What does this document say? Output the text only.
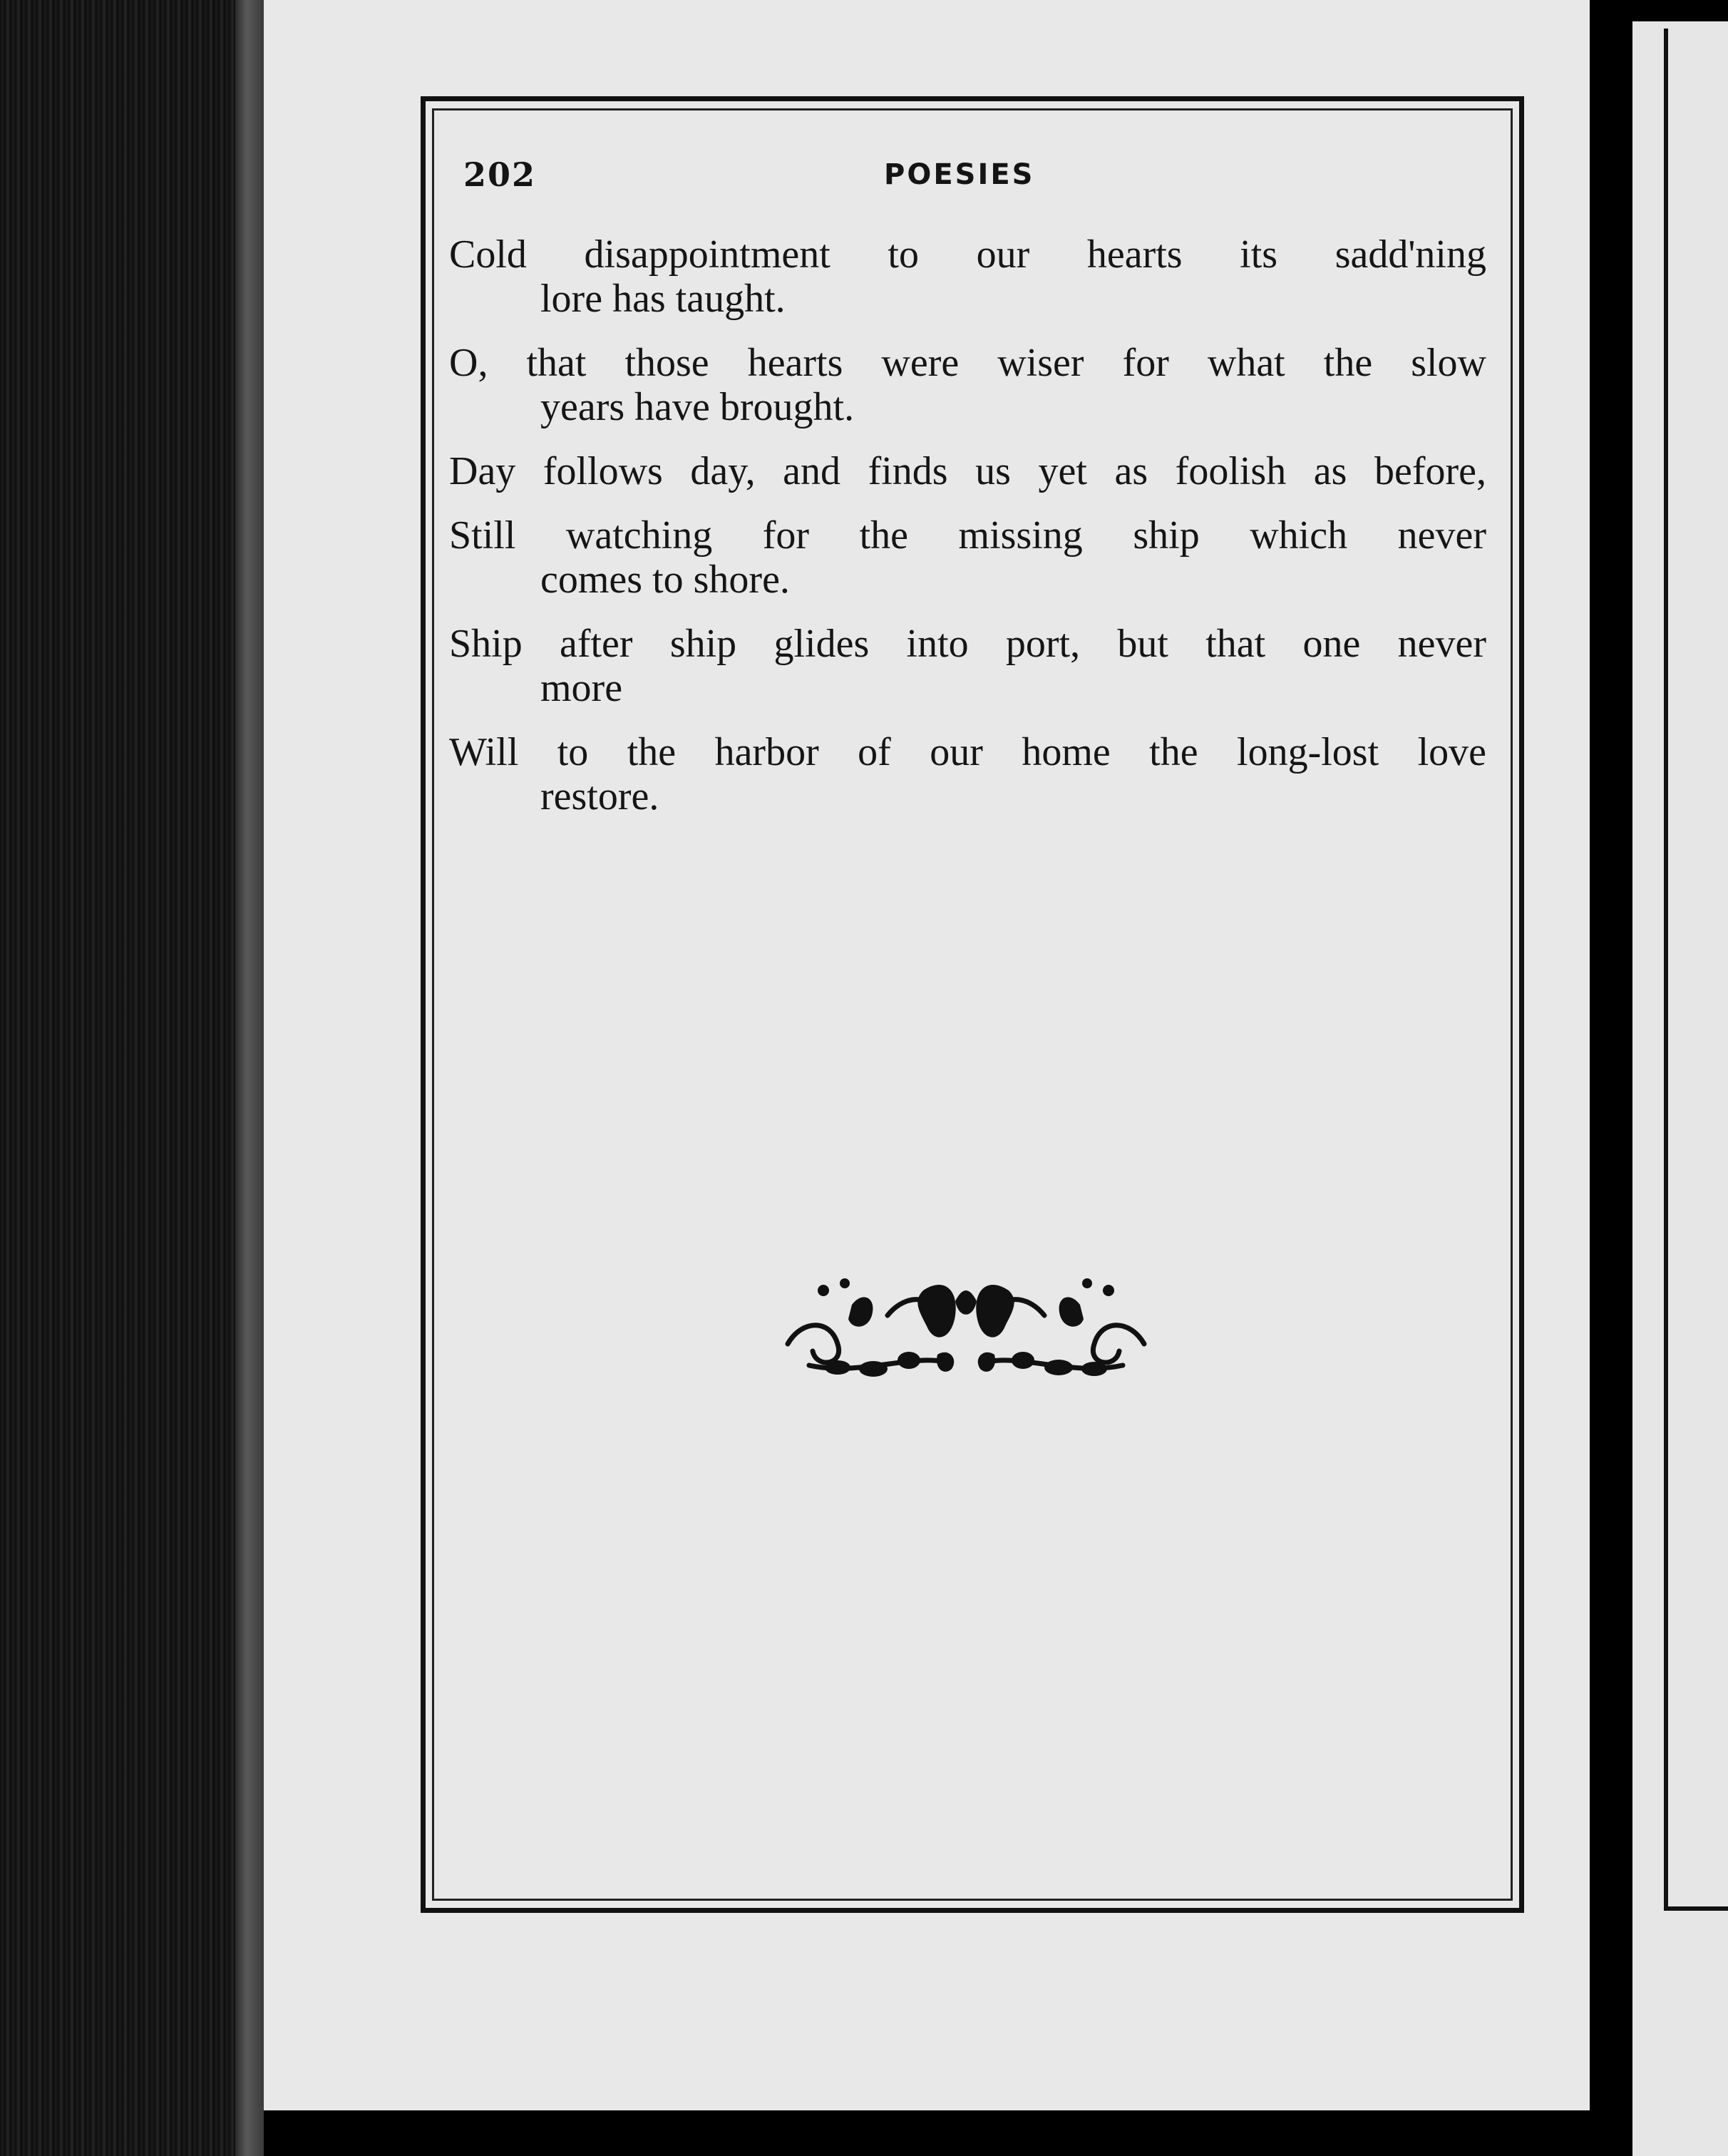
202	POESIES
Cold disappointment to our hearts its sadd'ning
lore has taught.
O, that those hearts were wiser for what the slow
years have brought.
Day follows day, and finds us yet as foolish as before,
Still watching for the missing ship which never
comes to shore.
Ship after ship glides into port, but that one never
more
Will to the harbor of our home the long-lost love
restore.
